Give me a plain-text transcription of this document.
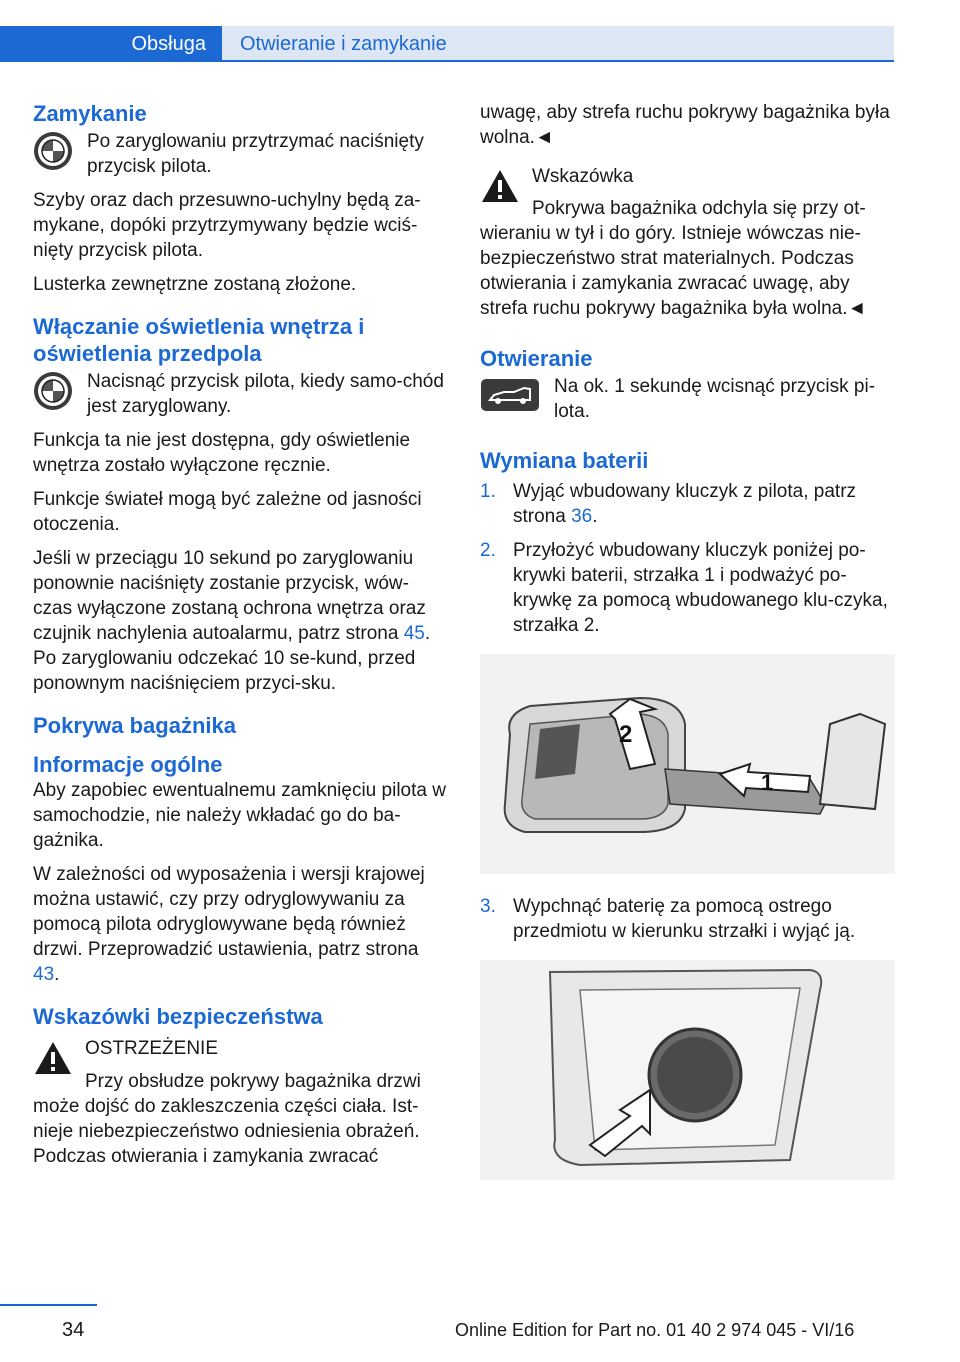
Obsługa	Otwieranie i zamykanie
Zamykanie
Po zaryglowaniu przytrzymać naciśnięty przycisk pilota.

Szyby oraz dach przesuwno-uchylny będą za‐mykane, dopóki przytrzymywany będzie wciś‐nięty przycisk pilota.

Lusterka zewnętrzne zostaną złożone.

Włączanie oświetlenia wnętrza i oświetlenia przedpola
Nacisnąć przycisk pilota, kiedy samo‐chód jest zaryglowany.

Funkcja ta nie jest dostępna, gdy oświetlenie wnętrza zostało wyłączone ręcznie.

Funkcje świateł mogą być zależne od jasności otoczenia.

Jeśli w przeciągu 10 sekund po zaryglowaniu ponownie naciśnięty zostanie przycisk, wów‐czas wyłączone zostaną ochrona wnętrza oraz czujnik nachylenia autoalarmu, patrz strona 45. Po zaryglowaniu odczekać 10 se‐kund, przed ponownym naciśnięciem przyci‐sku.

Pokrywa bagażnika
Informacje ogólne

Aby zapobiec ewentualnemu zamknięciu pilota w samochodzie, nie należy wkładać go do ba‐gażnika.

W zależności od wyposażenia i wersji krajowej można ustawić, czy przy odryglowywaniu za pomocą pilota odryglowywane będą również drzwi. Przeprowadzić ustawienia, patrz strona 43.

Wskazówki bezpieczeństwa
OSTRZEŻENIE
Przy obsłudze pokrywy bagażnika drzwi może dojść do zakleszczenia części ciała. Ist‐nieje niebezpieczeństwo odniesienia obrażeń. Podczas otwierania i zamykania zwracać

uwagę, aby strefa ruchu pokrywy bagażnika była wolna.◄

Wskazówka
Pokrywa bagażnika odchyla się przy ot‐wieraniu w tył i do góry. Istnieje wówczas nie‐bezpieczeństwo strat materialnych. Podczas otwierania i zamykania zwracać uwagę, aby strefa ruchu pokrywy bagażnika była wolna.◄
Otwieranie
Na ok. 1 sekundę wcisnąć przycisk pi‐lota.
Wymiana baterii
1. Wyjąć wbudowany kluczyk z pilota, patrz strona 36.
2. Przyłożyć wbudowany kluczyk poniżej po‐krywki baterii, strzałka 1 i podważyć po‐krywkę za pomocą wbudowanego klu‐czyka, strzałka 2.
2
1
3. Wypchnąć baterię za pomocą ostrego przedmiotu w kierunku strzałki i wyjąć ją.
34	Online Edition for Part no. 01 40 2 974 045 - VI/16
